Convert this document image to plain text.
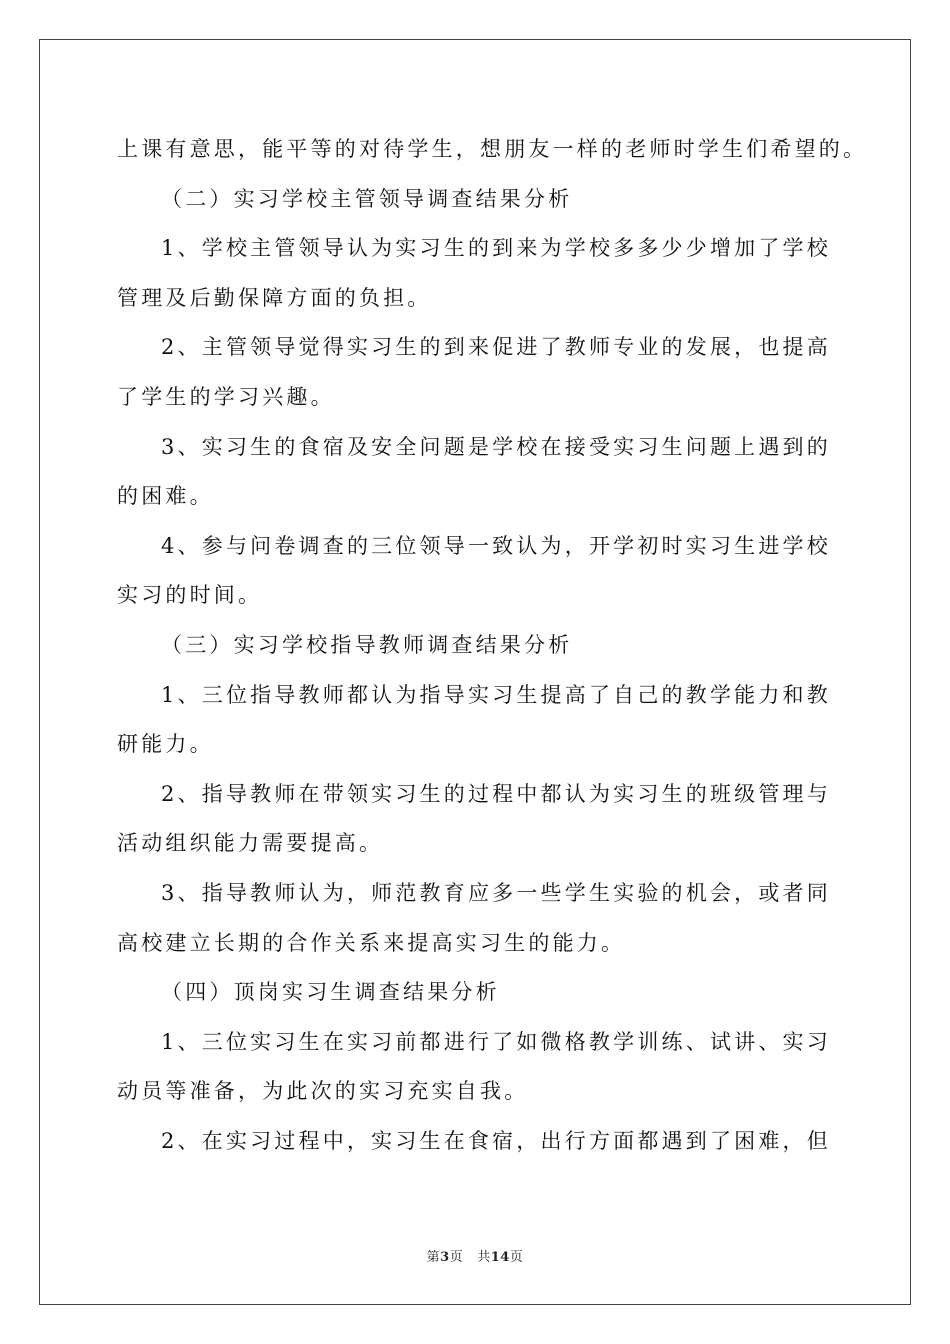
上课有意思，能平等的对待学生，想朋友一样的老师时学生们希望的。
（二）实习学校主管领导调查结果分析
1、学校主管领导认为实习生的到来为学校多多少少增加了学校
管理及后勤保障方面的负担。
2、主管领导觉得实习生的到来促进了教师专业的发展，也提高
了学生的学习兴趣。
3、实习生的食宿及安全问题是学校在接受实习生问题上遇到的
的困难。
4、参与问卷调查的三位领导一致认为，开学初时实习生进学校
实习的时间。
（三）实习学校指导教师调查结果分析
1、三位指导教师都认为指导实习生提高了自己的教学能力和教
研能力。
2、指导教师在带领实习生的过程中都认为实习生的班级管理与
活动组织能力需要提高。
3、指导教师认为，师范教育应多一些学生实验的机会，或者同
高校建立长期的合作关系来提高实习生的能力。
（四）顶岗实习生调查结果分析
1、三位实习生在实习前都进行了如微格教学训练、试讲、实习
动员等准备，为此次的实习充实自我。
2、在实习过程中，实习生在食宿，出行方面都遇到了困难，但
第3页 共14页
